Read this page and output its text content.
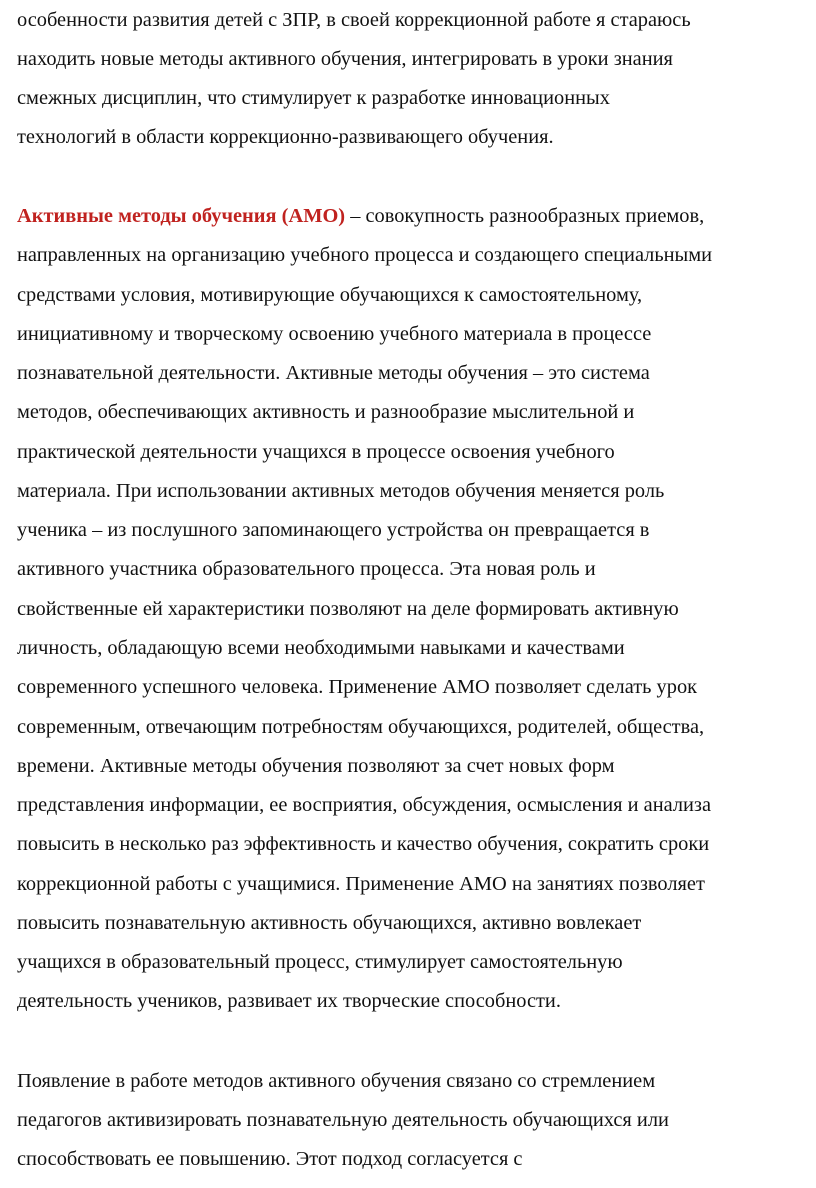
особенности развития детей с ЗПР, в своей коррекционной работе я стараюсь
находить новые методы активного обучения, интегрировать в уроки знания
смежных дисциплин, что стимулирует к разработке инновационных
технологий в области коррекционно-развивающего обучения.
Активные методы обучения (АМО) – совокупность разнообразных приемов,
направленных на организацию учебного процесса и создающего специальными
средствами условия, мотивирующие обучающихся к самостоятельному,
инициативному и творческому освоению учебного материала в процессе
познавательной деятельности. Активные методы обучения – это система
методов, обеспечивающих активность и разнообразие мыслительной и
практической деятельности учащихся в процессе освоения учебного
материала. При использовании активных методов обучения меняется роль
ученика – из послушного запоминающего устройства он превращается в
активного участника образовательного процесса. Эта новая роль и
свойственные ей характеристики позволяют на деле формировать активную
личность, обладающую всеми необходимыми навыками и качествами
современного успешного человека. Применение АМО позволяет сделать урок
современным, отвечающим потребностям обучающихся, родителей, общества,
времени. Активные методы обучения позволяют за счет новых форм
представления информации, ее восприятия, обсуждения, осмысления и анализа
повысить в несколько раз эффективность и качество обучения, сократить сроки
коррекционной работы с учащимися. Применение АМО на занятиях позволяет
повысить познавательную активность обучающихся, активно вовлекает
учащихся в образовательный процесс, стимулирует самостоятельную
деятельность учеников, развивает их творческие способности.
Появление в работе методов активного обучения связано со стремлением
педагогов активизировать познавательную деятельность обучающихся или
способствовать ее повышению. Этот подход согласуется с
